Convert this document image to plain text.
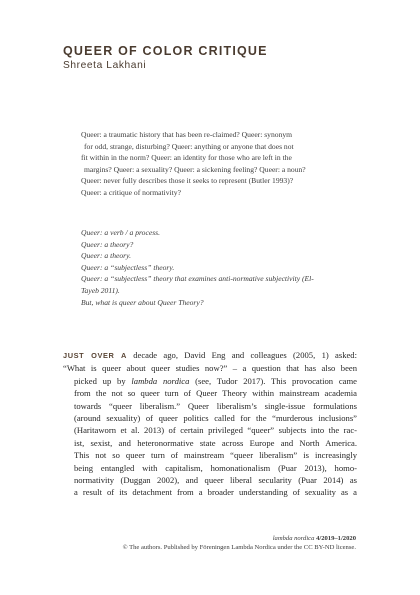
QUEER OF COLOR CRITIQUE
Shreeta Lakhani
Queer: a traumatic history that has been re-claimed? Queer: synonym
for odd, strange, disturbing? Queer: anything or anyone that does not
fit within in the norm? Queer: an identity for those who are left in the
margins? Queer: a sexuality? Queer: a sickening feeling? Queer: a noun?
Queer: never fully describes those it seeks to represent (Butler 1993)?
Queer: a critique of normativity?
Queer: a verb / a process.
Queer: a theory?
Queer: a theory.
Queer: a “subjectless” theory.
Queer: a “subjectless” theory that examines anti-normative subjectivity (El-
Tayeb 2011).
But, what is queer about Queer Theory?
JUST OVER A decade ago, David Eng and colleagues (2005, 1) asked:
“What is queer about queer studies now?” – a question that has also been
picked up by lambda nordica (see, Tudor 2017). This provocation came
from the not so queer turn of Queer Theory within mainstream academia
towards “queer liberalism.” Queer liberalism’s single-issue formulations
(around sexuality) of queer politics called for the “murderous inclusions”
(Haritaworn et al. 2013) of certain privileged “queer” subjects into the rac-
ist, sexist, and heteronormative state across Europe and North America.
This not so queer turn of mainstream “queer liberalism” is increasingly
being entangled with capitalism, homonationalism (Puar 2013), homo-
normativity (Duggan 2002), and queer liberal secularity (Puar 2014) as
a result of its detachment from a broader understanding of sexuality as a
lambda nordica 4/2019–1/2020
© The authors. Published by Föreningen Lambda Nordica under the CC BY-ND license.
